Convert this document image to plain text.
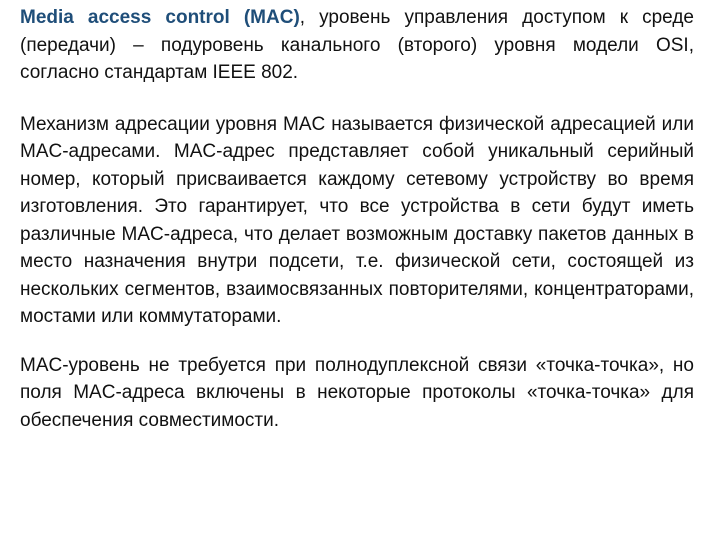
Media access control (MAC), уровень управления доступом к среде (передачи) – подуровень канального (второго) уровня модели OSI, согласно стандартам IEEE 802.

Механизм адресации уровня MAC называется физической адресацией или MAC-адресами. MAC-адрес представляет собой уникальный серийный номер, который присваивается каждому сетевому устройству во время изготовления. Это гарантирует, что все устройства в сети будут иметь различные MAC-адреса, что делает возможным доставку пакетов данных в место назначения внутри подсети, т.е. физической сети, состоящей из нескольких сегментов, взаимосвязанных повторителями, концентраторами, мостами или коммутаторами.

MAC-уровень не требуется при полнодуплексной связи «точка-точка», но поля MAC-адреса включены в некоторые протоколы «точка-точка» для обеспечения совместимости.
